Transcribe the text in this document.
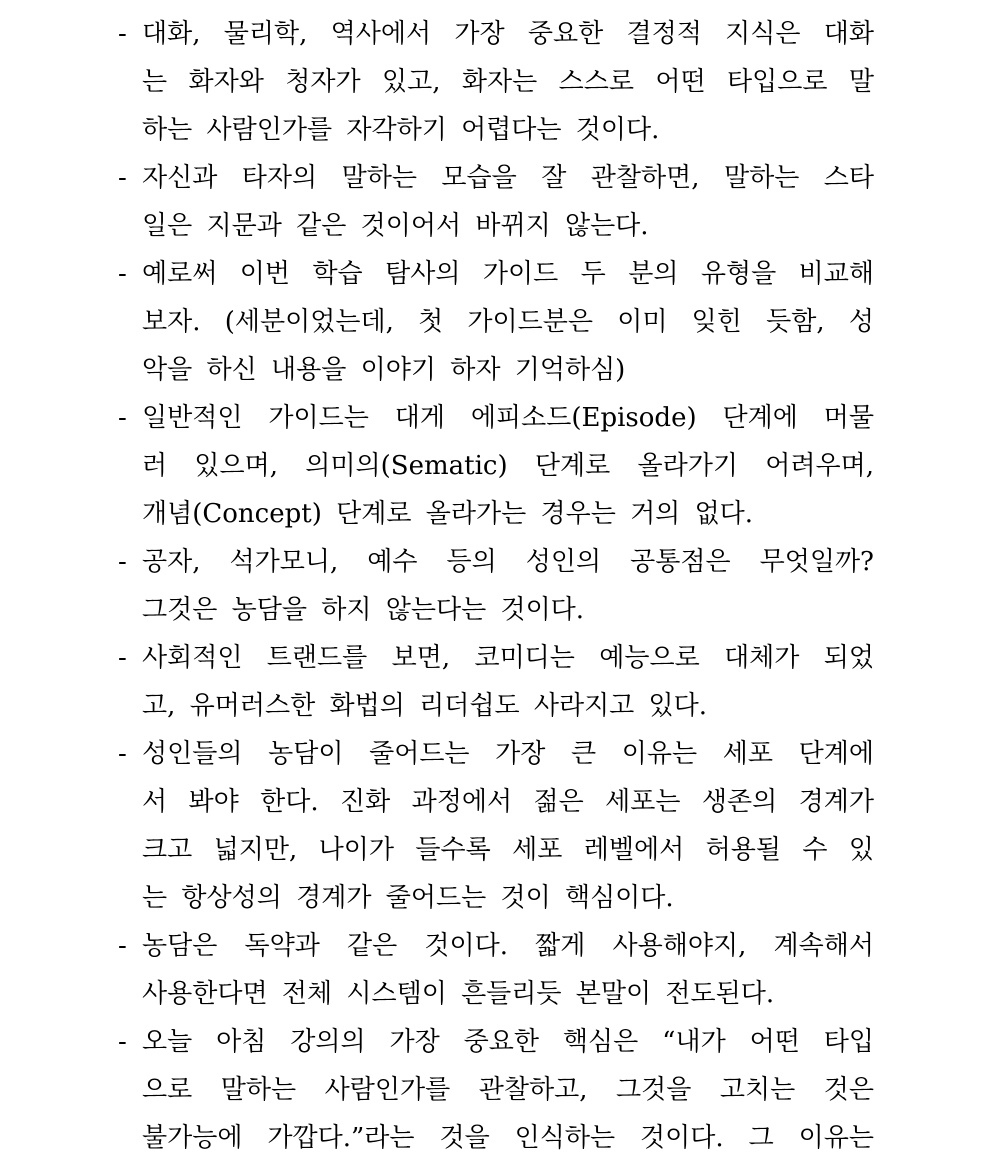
- 대화, 물리학, 역사에서 가장 중요한 결정적 지식은 대화
는 화자와 청자가 있고, 화자는 스스로 어떤 타입으로 말
하는 사람인가를 자각하기 어렵다는 것이다.
- 자신과 타자의 말하는 모습을 잘 관찰하면, 말하는 스타
일은 지문과 같은 것이어서 바뀌지 않는다.
- 예로써 이번 학습 탐사의 가이드 두 분의 유형을 비교해
보자. (세분이었는데, 첫 가이드분은 이미 잊힌 듯함, 성
악을 하신 내용을 이야기 하자 기억하심)
- 일반적인 가이드는 대게 에피소드(Episode) 단계에 머물
러 있으며, 의미의(Sematic) 단계로 올라가기 어려우며,
개념(Concept) 단계로 올라가는 경우는 거의 없다.
- 공자, 석가모니, 예수 등의 성인의 공통점은 무엇일까?
그것은 농담을 하지 않는다는 것이다.
- 사회적인 트랜드를 보면, 코미디는 예능으로 대체가 되었
고, 유머러스한 화법의 리더쉽도 사라지고 있다.
- 성인들의 농담이 줄어드는 가장 큰 이유는 세포 단계에
서 봐야 한다. 진화 과정에서 젊은 세포는 생존의 경계가
크고 넓지만, 나이가 들수록 세포 레벨에서 허용될 수 있
는 항상성의 경계가 줄어드는 것이 핵심이다.
- 농담은 독약과 같은 것이다. 짧게 사용해야지, 계속해서
사용한다면 전체 시스템이 흔들리듯 본말이 전도된다.
- 오늘 아침 강의의 가장 중요한 핵심은 “내가 어떤 타입
으로 말하는 사람인가를 관찰하고, 그것을 고치는 것은
불가능에 가깝다.”라는 것을 인식하는 것이다. 그 이유는
